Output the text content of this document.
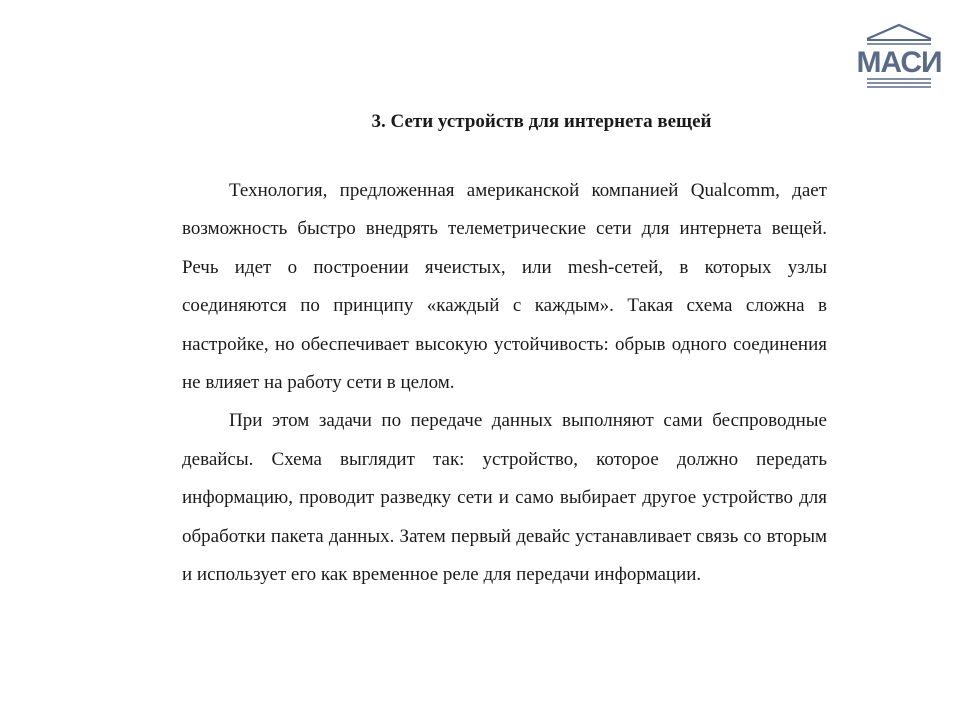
МАСИ
3. Сети устройств для интернета вещей

Технология, предложенная американской компанией Qualcomm, дает возможность быстро внедрять телеметрические сети для интернета вещей. Речь идет о построении ячеистых, или mesh-сетей, в которых узлы соединяются по принципу «каждый с каждым». Такая схема сложна в настройке, но обеспечивает высокую устойчивость: обрыв одного соединения не влияет на работу сети в целом.

При этом задачи по передаче данных выполняют сами беспроводные девайсы. Схема выглядит так: устройство, которое должно передать информацию, проводит разведку сети и само выбирает другое устройство для обработки пакета данных. Затем первый девайс устанавливает связь со вторым и использует его как временное реле для передачи информации.
